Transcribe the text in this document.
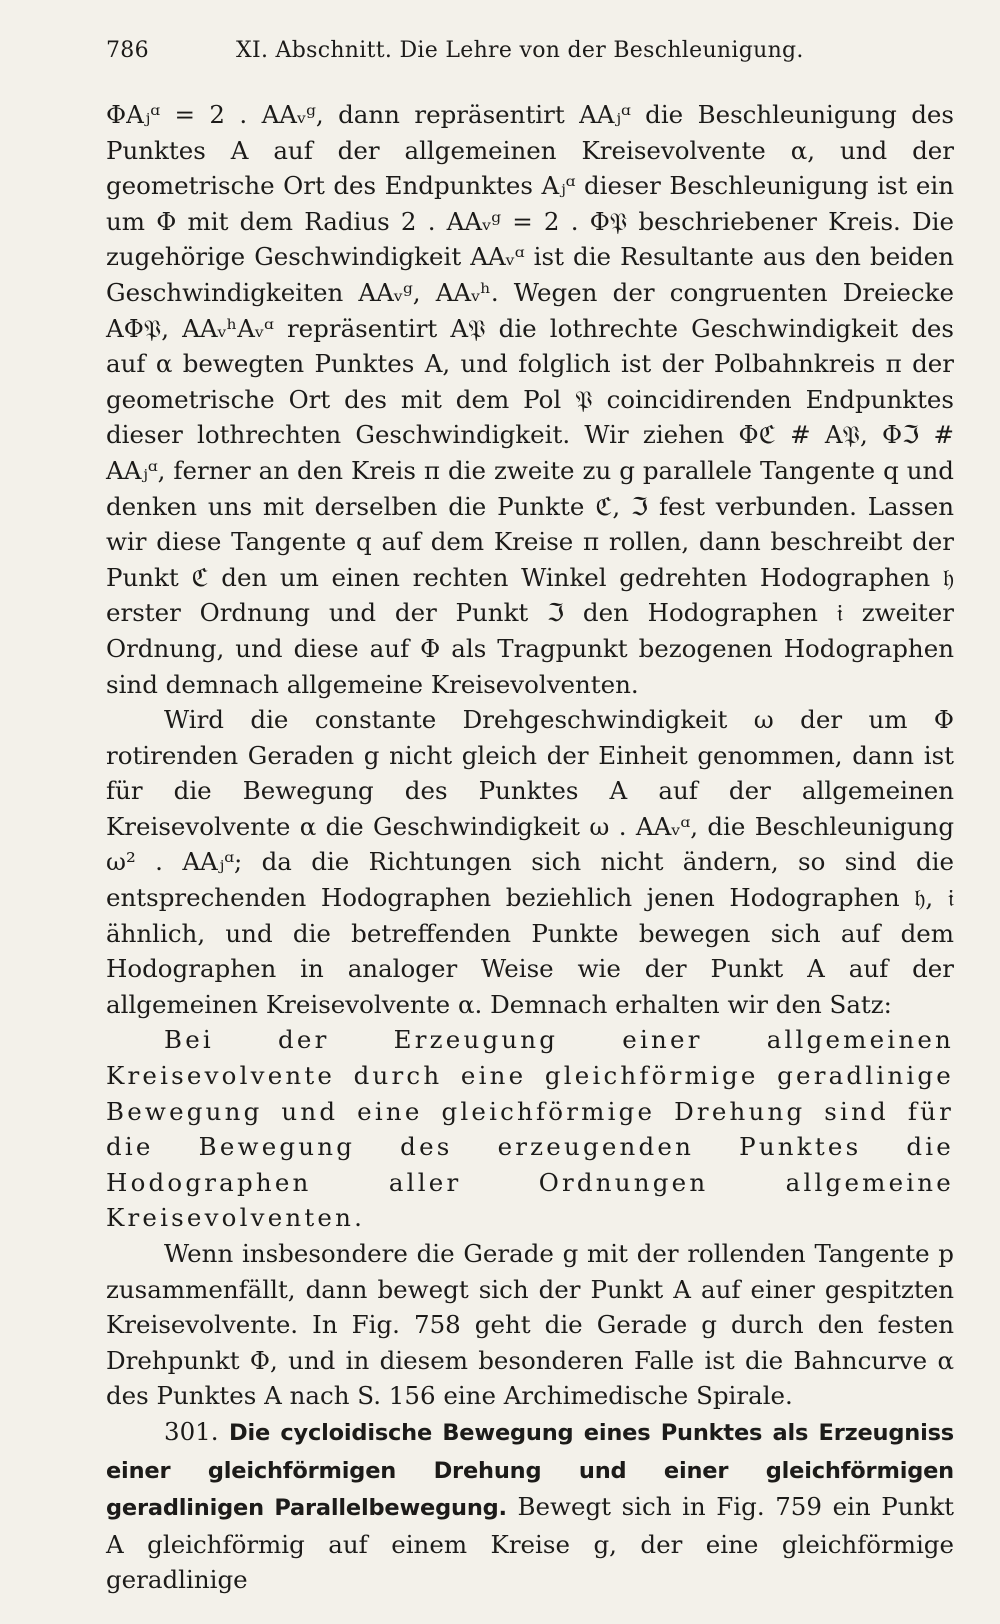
786	XI. Abschnitt. Die Lehre von der Beschleunigung.

ΦAⱼᵅ = 2 . AAᵥᵍ, dann repräsentirt AAⱼᵅ die Beschleunigung des Punktes A auf der allgemeinen Kreisevolvente α, und der geometrische Ort des Endpunktes Aⱼᵅ dieser Beschleunigung ist ein um Φ mit dem Radius 2 . AAᵥᵍ = 2 . Φ𝔓 beschriebener Kreis. Die zugehörige Geschwindigkeit AAᵥᵅ ist die Resultante aus den beiden Geschwindigkeiten AAᵥᵍ, AAᵥʰ. Wegen der congruenten Dreiecke AΦ𝔓, AAᵥʰAᵥᵅ repräsentirt A𝔓 die lothrechte Geschwindigkeit des auf α bewegten Punktes A, und folglich ist der Polbahnkreis π der geometrische Ort des mit dem Pol 𝔓 coincidirenden Endpunktes dieser lothrechten Geschwindigkeit. Wir ziehen Φℭ # A𝔓, Φℑ # AAⱼᵅ, ferner an den Kreis π die zweite zu g parallele Tangente q und denken uns mit derselben die Punkte ℭ, ℑ fest verbunden. Lassen wir diese Tangente q auf dem Kreise π rollen, dann beschreibt der Punkt ℭ den um einen rechten Winkel gedrehten Hodographen 𝔥 erster Ordnung und der Punkt ℑ den Hodographen 𝔦 zweiter Ordnung, und diese auf Φ als Tragpunkt bezogenen Hodographen sind demnach allgemeine Kreisevolventen.

Wird die constante Drehgeschwindigkeit ω der um Φ rotirenden Geraden g nicht gleich der Einheit genommen, dann ist für die Bewegung des Punktes A auf der allgemeinen Kreisevolvente α die Geschwindigkeit ω . AAᵥᵅ, die Beschleunigung ω² . AAⱼᵅ; da die Richtungen sich nicht ändern, so sind die entsprechenden Hodographen beziehlich jenen Hodographen 𝔥, 𝔦 ähnlich, und die betreffenden Punkte bewegen sich auf dem Hodographen in analoger Weise wie der Punkt A auf der allgemeinen Kreisevolvente α. Demnach erhalten wir den Satz:

Bei der Erzeugung einer allgemeinen Kreisevolvente durch eine gleichförmige geradlinige Bewegung und eine gleichförmige Drehung sind für die Bewegung des erzeugenden Punktes die Hodographen aller Ordnungen allgemeine Kreisevolventen.

Wenn insbesondere die Gerade g mit der rollenden Tangente p zusammenfällt, dann bewegt sich der Punkt A auf einer gespitzten Kreisevolvente. In Fig. 758 geht die Gerade g durch den festen Drehpunkt Φ, und in diesem besonderen Falle ist die Bahncurve α des Punktes A nach S. 156 eine Archimedische Spirale.

301. Die cycloidische Bewegung eines Punktes als Erzeugniss einer gleichförmigen Drehung und einer gleichförmigen geradlinigen Parallelbewegung. Bewegt sich in Fig. 759 ein Punkt A gleichförmig auf einem Kreise g, der eine gleichförmige geradlinige
